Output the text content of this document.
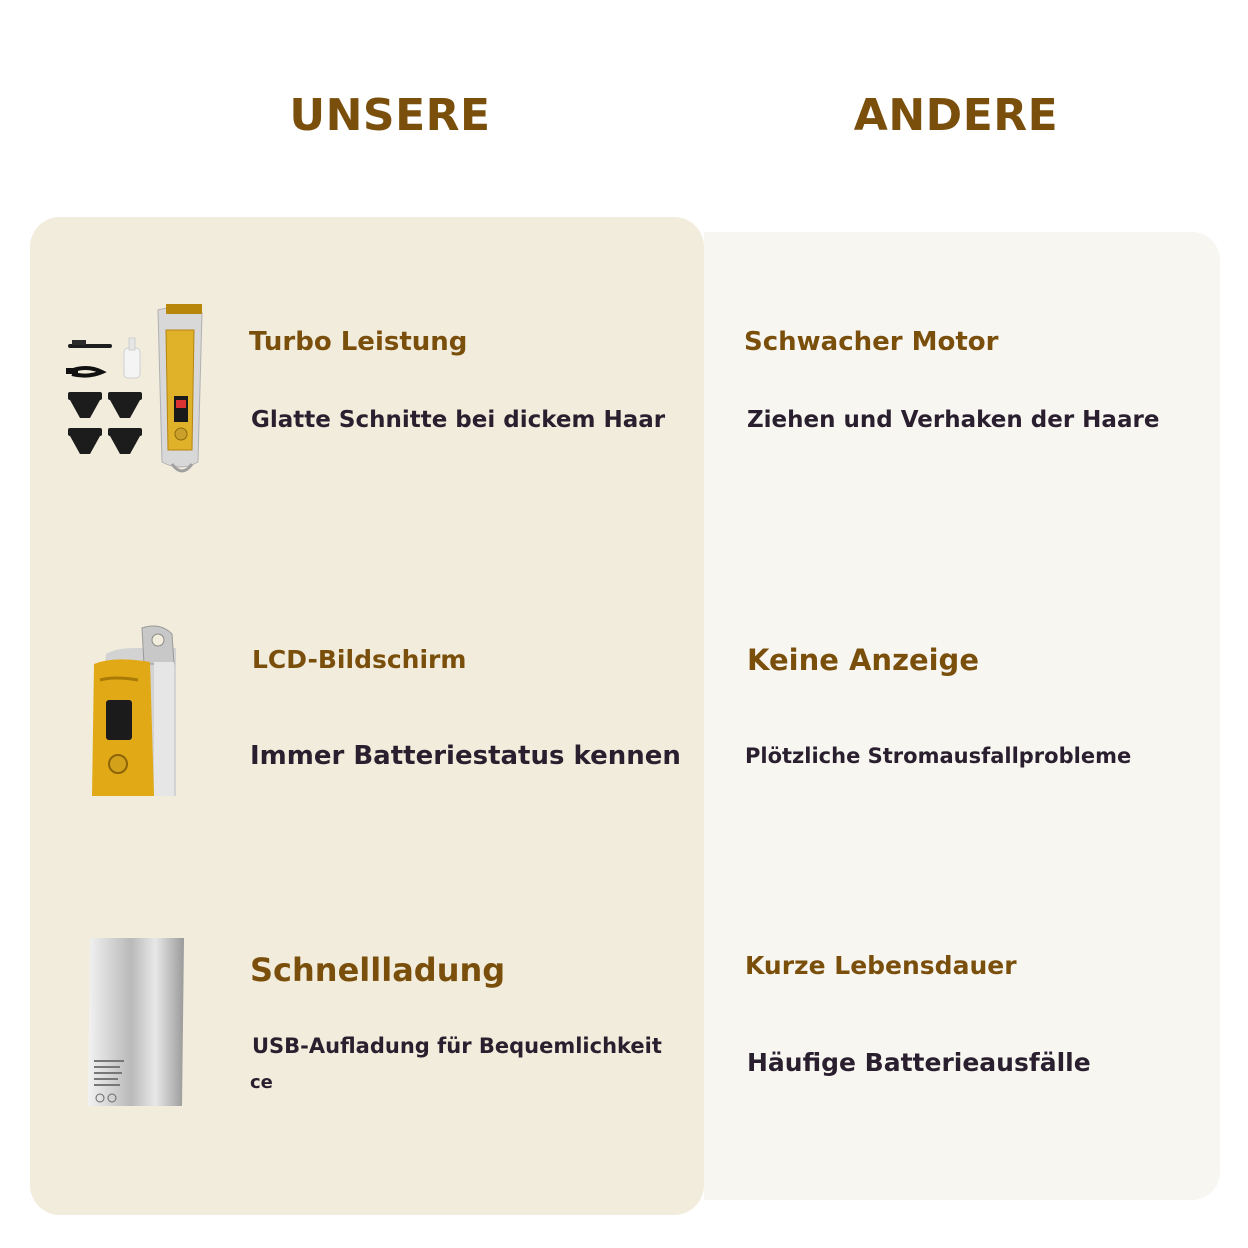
UNSERE	ANDERE
Turbo Leistung
Glatte Schnitte bei dickem Haar
LCD-Bildschirm
Immer Batteriestatus kennen
Schnellladung
USB-Aufladung für Bequemlichkeit
ce
Schwacher Motor
Ziehen und Verhaken der Haare
Keine Anzeige
Plötzliche Stromausfallprobleme
Kurze Lebensdauer
Häufige Batterieausfälle
